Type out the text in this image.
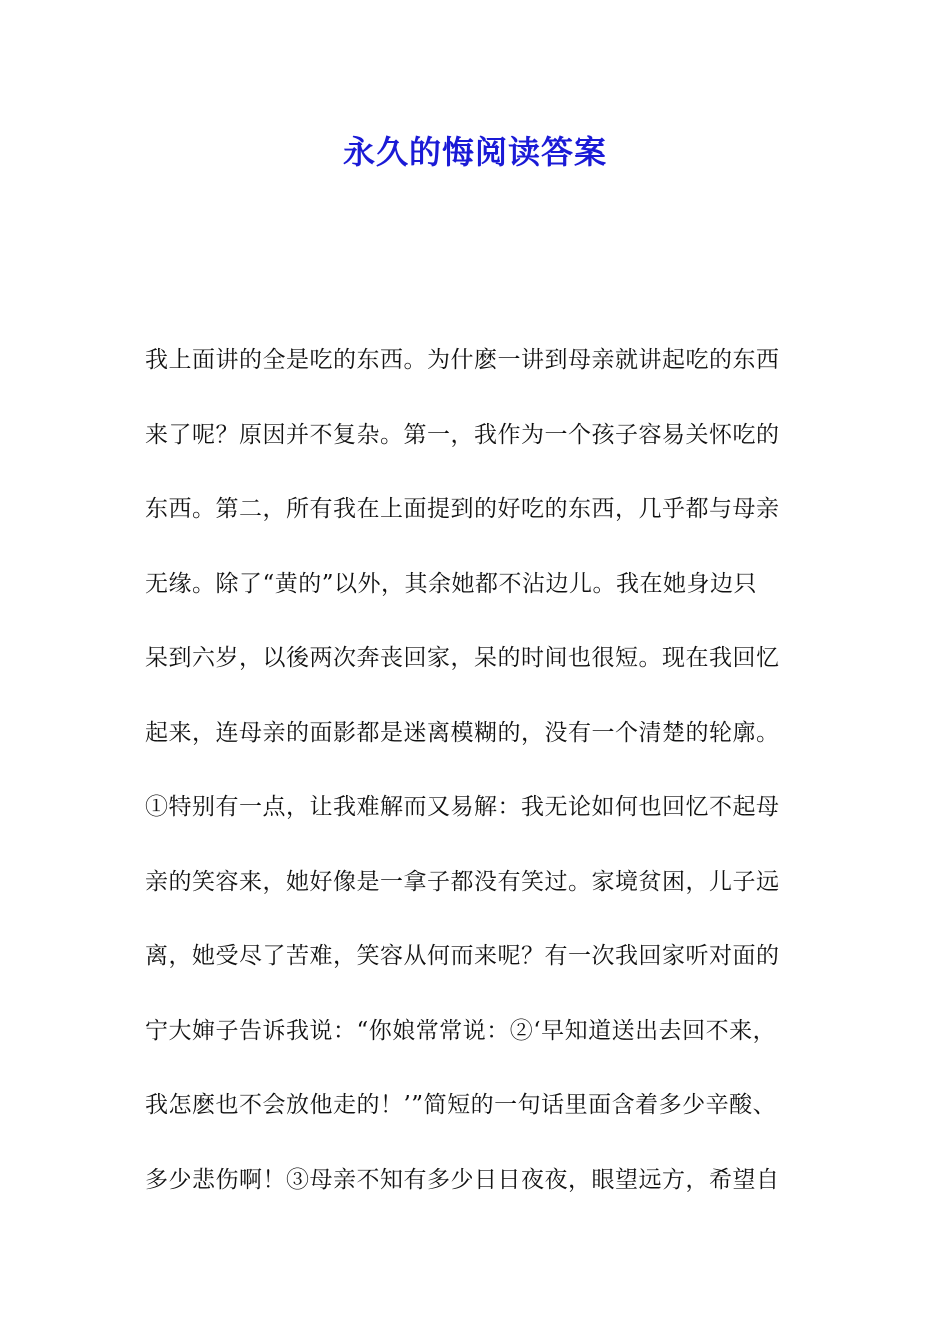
永久的悔阅读答案
我上面讲的全是吃的东西。为什麽一讲到母亲就讲起吃的东西
来了呢？原因并不复杂。第一，我作为一个孩子容易关怀吃的
东西。第二，所有我在上面提到的好吃的东西，几乎都与母亲
无缘。除了“黄的”以外，其余她都不沾边儿。我在她身边只
呆到六岁，以後两次奔丧回家，呆的时间也很短。现在我回忆
起来，连母亲的面影都是迷离模糊的，没有一个清楚的轮廓。
①特别有一点，让我难解而又易解：我无论如何也回忆不起母
亲的笑容来，她好像是一拿子都没有笑过。家境贫困，儿子远
离，她受尽了苦难，笑容从何而来呢？有一次我回家听对面的
宁大婶子告诉我说：“你娘常常说：②‘早知道送出去回不来，
我怎麽也不会放他走的！’”简短的一句话里面含着多少辛酸、
多少悲伤啊！③母亲不知有多少日日夜夜，眼望远方，希望自
